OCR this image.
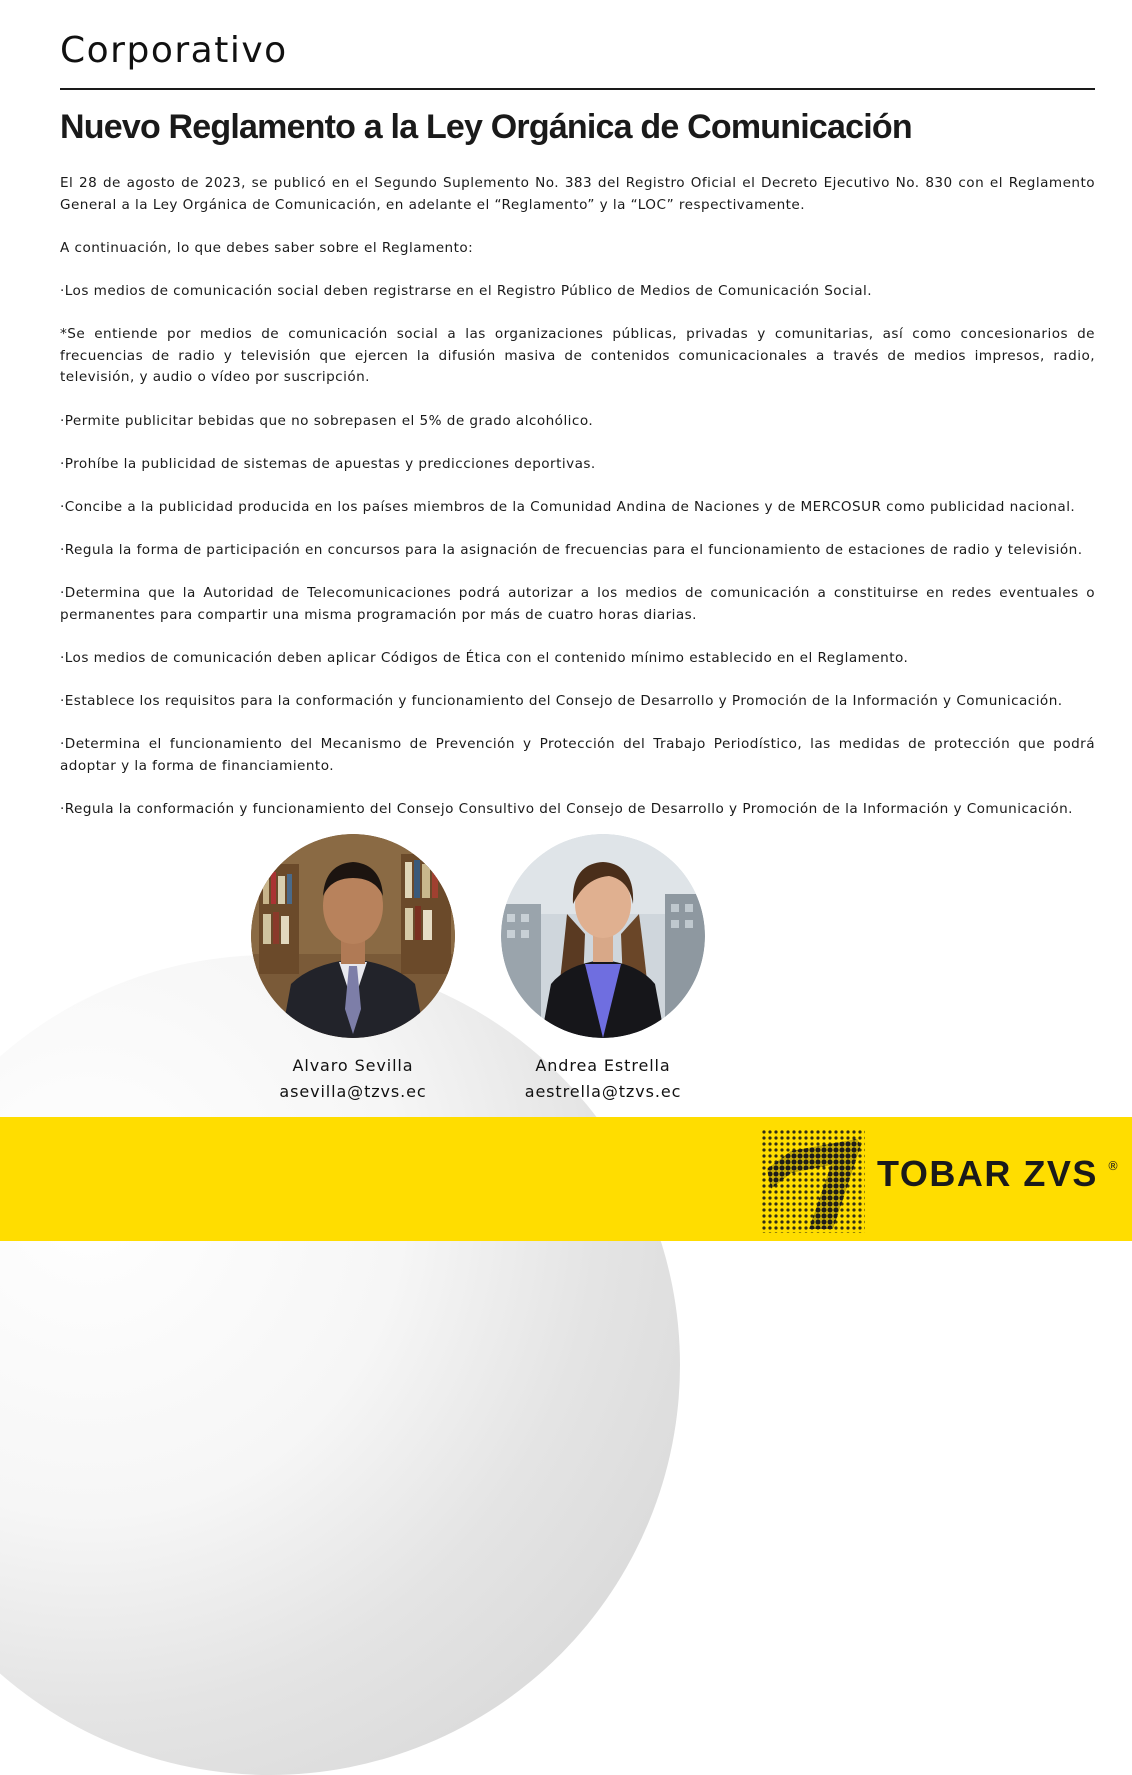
Corporativo
Nuevo Reglamento a la Ley Orgánica de Comunicación

El 28 de agosto de 2023, se publicó en el Segundo Suplemento No. 383 del Registro Oficial el Decreto Ejecutivo No. 830 con el Reglamento General a la Ley Orgánica de Comunicación, en adelante el “Reglamento” y la “LOC” respectivamente.

A continuación, lo que debes saber sobre el Reglamento:

·Los medios de comunicación social deben registrarse en el Registro Público de Medios de Comunicación Social.

*Se entiende por medios de comunicación social a las organizaciones públicas, privadas y comunitarias, así como concesionarios de frecuencias de radio y televisión que ejercen la difusión masiva de contenidos comunicacionales a través de medios impresos, radio, televisión, y audio o vídeo por suscripción.

·Permite publicitar bebidas que no sobrepasen el 5% de grado alcohólico.

·Prohíbe la publicidad de sistemas de apuestas y predicciones deportivas.

·Concibe a la publicidad producida en los países miembros de la Comunidad Andina de Naciones y de MERCOSUR como publicidad nacional.

·Regula la forma de participación en concursos para la asignación de frecuencias para el funcionamiento de estaciones de radio y televisión.

·Determina que la Autoridad de Telecomunicaciones podrá autorizar a los medios de comunicación a constituirse en redes eventuales o permanentes para compartir una misma programación por más de cuatro horas diarias.

·Los medios de comunicación deben aplicar Códigos de Ética con el contenido mínimo establecido en el Reglamento.

·Establece los requisitos para la conformación y funcionamiento del Consejo de Desarrollo y Promoción de la Información y Comunicación.

·Determina el funcionamiento del Mecanismo de Prevención y Protección del Trabajo Periodístico, las medidas de protección que podrá adoptar y la forma de financiamiento.

·Regula la conformación y funcionamiento del Consejo Consultivo del Consejo de Desarrollo y Promoción de la Información y Comunicación.

Alvaro Sevilla
asevilla@tzvs.ec
Andrea Estrella
aestrella@tzvs.ec
TOBAR ZVS ®
